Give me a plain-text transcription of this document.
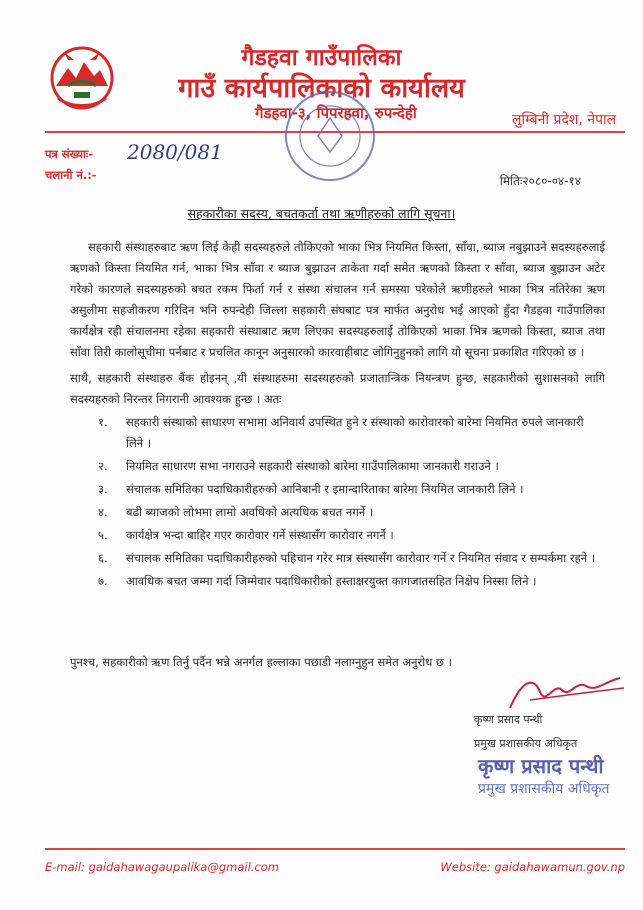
गैडहवा गाउँपालिका
गाउँ कार्यपालिकाको कार्यालय
गैडहवा-३, पिपरहवा, रुपन्देही	लुम्बिनी प्रदेश, नेपाल
पत्र संख्याः- 2080/081
चलानी नं.:-	मितिः२०८०-०४-१४
सहकारीका सदस्य, बचतकर्ता तथा ऋणीहरुको लागि सूचना।
सहकारी संस्थाहरुबाट ऋण लिई केही सदस्यहरुले तोकिएको भाका भित्र नियमित किस्ता, साँवा, ब्याज नबुझाउने सदस्यहरुलाई ऋणको किस्ता नियमित गर्न, भाका भित्र साँवा र ब्याज बुझाउन ताकेता गर्दा समेत ऋणको किस्ता र साँवा, ब्याज बुझाउन अटेर गरेको कारणले सदस्यहरुको बचत रकम फिर्ता गर्न र संस्था संचालन गर्न समस्या परेकोले ऋणीहरुले भाका भित्र नतिरेका ऋण असुलीमा सहजीकरण गरिदिन भनि रुपन्देही जिल्ला सहकारी संघबाट पत्र मार्फत अनुरोध भई आएको हुँदा गैडहवा गाउँपालिका कार्यक्षेत्र रही संचालनमा रहेका सहकारी संस्थाबाट ऋण लिएका सदस्यहरुलाई तोकिएको भाका भित्र ऋणको किस्ता, ब्याज तथा साँवा तिरी कालोसूचीमा पर्नबाट र प्रचलित कानून अनुसारको कारवाहीबाट जोगिनुहुनको लागि यो सूचना प्रकाशित गरिएको छ ।
साथै, सहकारी संस्थाहरु बैंक होइनन् ,यी संस्थाहरुमा सदस्यहरुको प्रजातान्त्रिक नियन्त्रण हुन्छ, सहकारीको सुशासनको लागि सदस्यहरुको निरन्तर निगरानी आवश्यक हुन्छ । अतः
१. सहकारी संस्थाको साधारण सभामा अनिवार्य उपस्थित हुने र संस्थाको कारोवारको बारेमा नियमित रुपले जानकारी लिने ।
२. नियमित साधारण सभा नगराउने सहकारी संस्थाको बारेमा गाउँपालिकामा जानकारी गराउने ।
३. संचालक समितिका पदाधिकारीहरुको आनिबानी र इमान्दारिताका बारेमा नियमित जानकारी लिने ।
४. बढी ब्याजको लोभमा लामो अवधिको अत्यधिक बचत नगर्ने ।
५. कार्यक्षेत्र भन्दा बाहिर गएर कारोवार गर्ने संस्थासँग कारोवार नगर्ने ।
६. संचालक समितिका पदाधिकारीहरुको पहिचान गरेर मात्र संस्थासँग कारोवार गर्ने र नियमित संवाद र सम्पर्कमा रहने ।
७. आवधिक बचत जम्मा गर्दा जिम्मेवार पदाधिकारीको हस्ताक्षरयुक्त कागजातसहित निक्षेप निस्सा लिने ।
पुनश्च, सहकारीको ऋण तिर्नु पर्दैन भन्ने अनर्गल हल्लाका पछाडी नलाग्नुहुन समेत अनुरोध छ ।
कृष्ण प्रसाद पन्थी
प्रमुख प्रशासकीय अधिकृत
कृष्ण प्रसाद पन्थी
प्रमुख प्रशासकीय अधिकृत
E-mail: gaidahawagaupalika@gmail.com	Website: gaidahawamun.gov.np
